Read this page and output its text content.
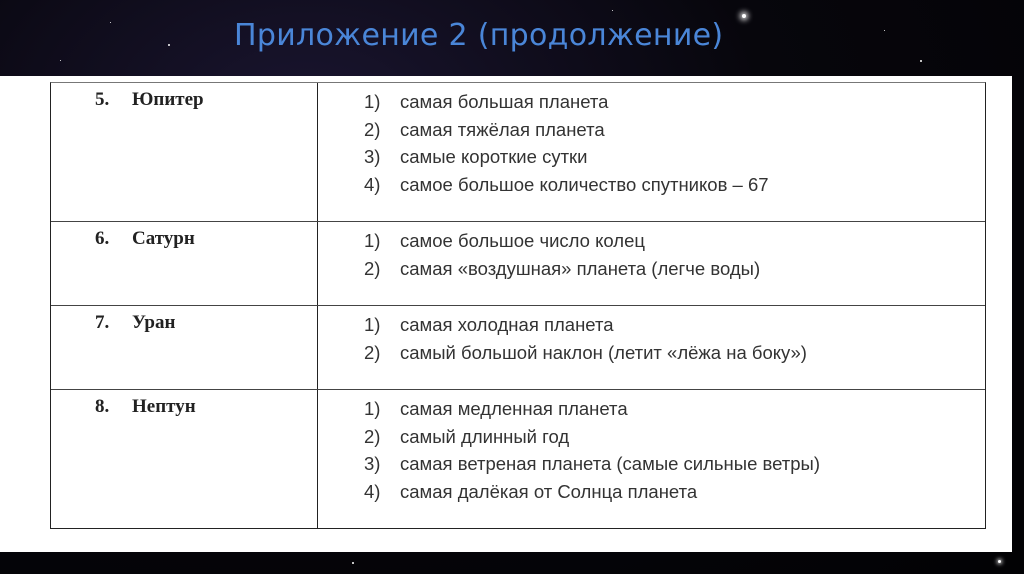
Приложение 2 (продолжение)
5. Юпитер	1)	самая большая планета
2)	самая тяжёлая планета
3)	самые короткие сутки
4)	самое большое количество спутников – 67
6. Сатурн	1)	самое большое число колец
2)	самая «воздушная» планета (легче воды)
7. Уран	1)	самая холодная планета
2)	самый большой наклон (летит «лёжа на боку»)
8. Нептун	1)	самая медленная планета
2)	самый длинный год
3)	самая ветреная планета (самые сильные ветры)
4)	самая далёкая от Солнца планета
